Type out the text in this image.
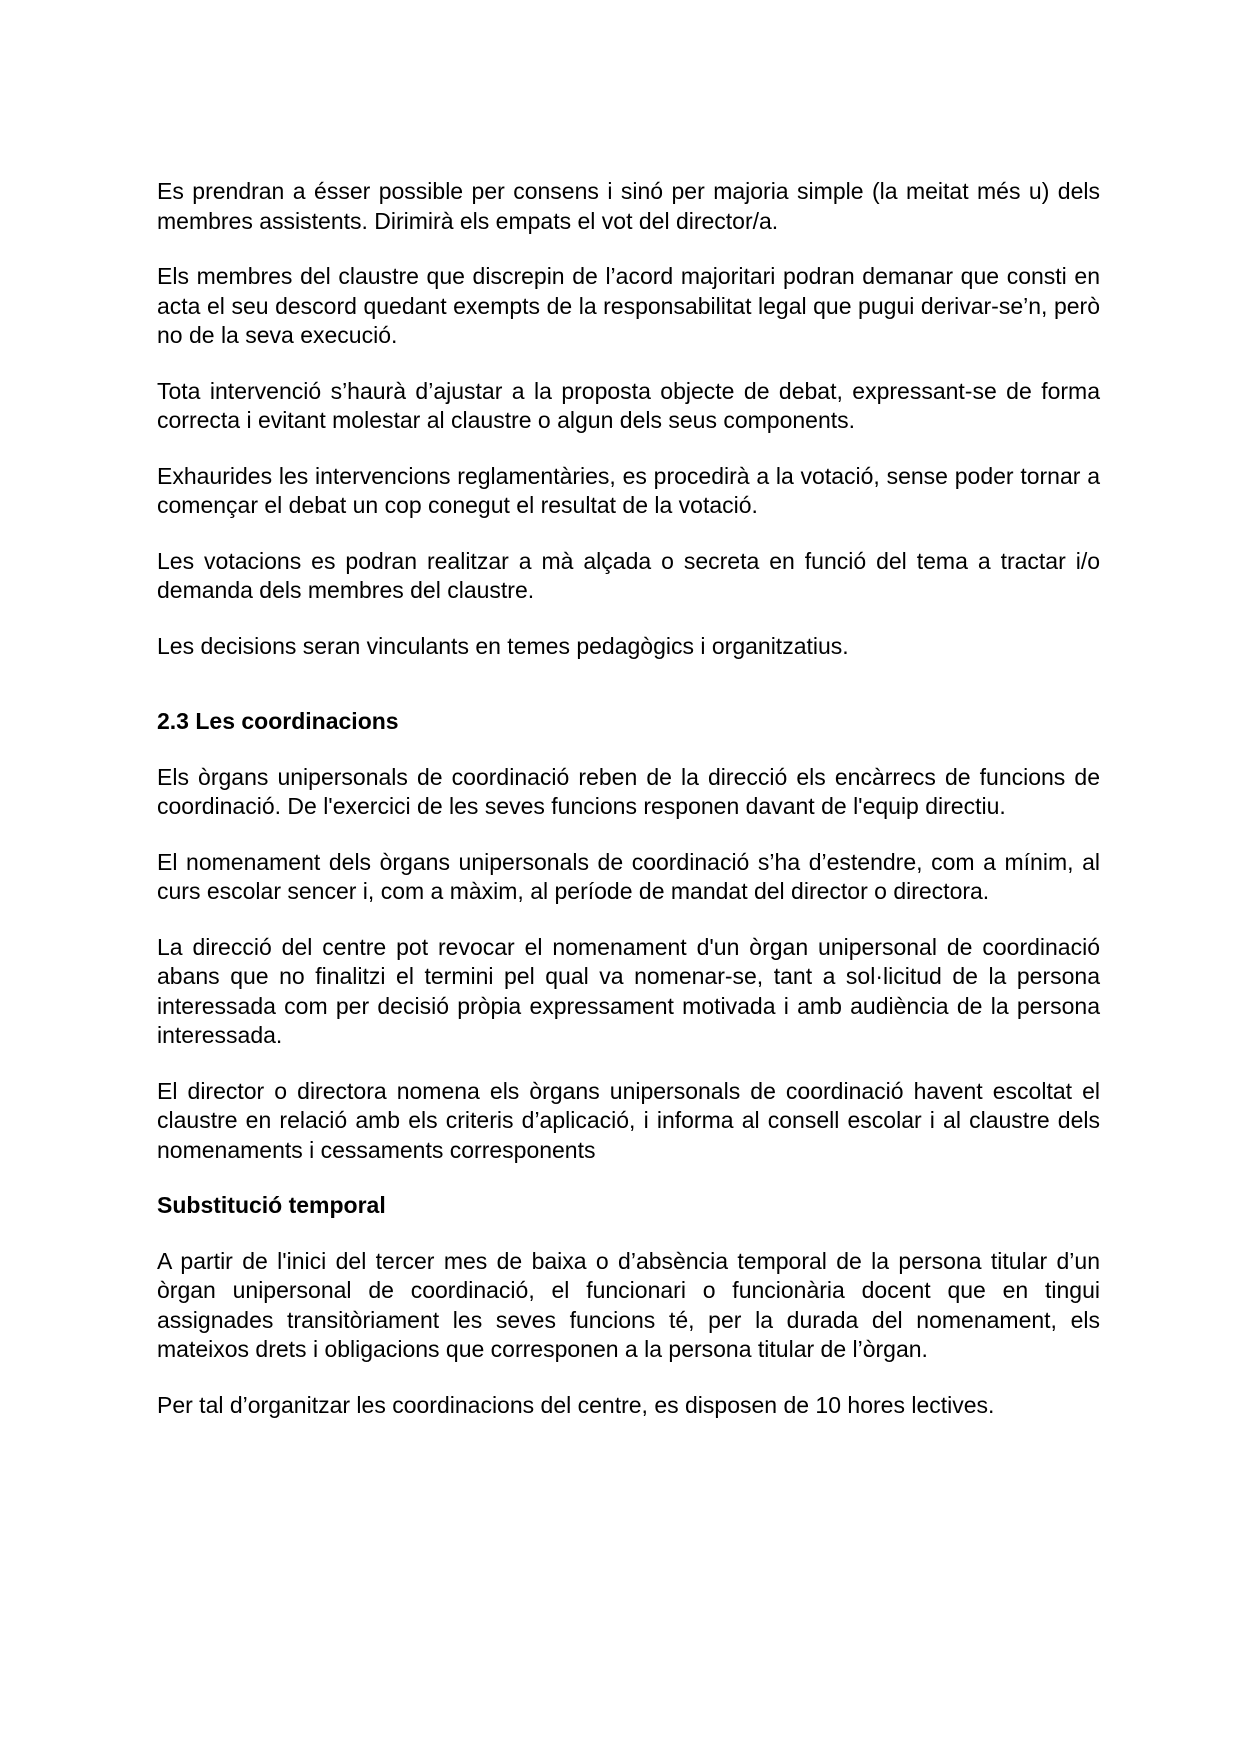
Es prendran a ésser possible per consens i sinó per majoria simple (la meitat més u) dels membres assistents. Dirimirà els empats el vot del director/a.

Els membres del claustre que discrepin de l’acord majoritari podran demanar que consti en acta el seu descord quedant exempts de la responsabilitat legal que pugui derivar-se’n, però no de la seva execució.

Tota intervenció s’haurà d’ajustar a la proposta objecte de debat, expressant-se de forma correcta i evitant molestar al claustre o algun dels seus components.

Exhaurides les intervencions reglamentàries, es procedirà a la votació, sense poder tornar a començar el debat un cop conegut el resultat de la votació.

Les votacions es podran realitzar a mà alçada o secreta en funció del tema a tractar i/o demanda dels membres del claustre.

Les decisions seran vinculants en temes pedagògics i organitzatius.

2.3 Les coordinacions

Els òrgans unipersonals de coordinació reben de la direcció els encàrrecs de funcions de coordinació. De l'exercici de les seves funcions responen davant de l'equip directiu.

El nomenament dels òrgans unipersonals de coordinació s’ha d’estendre, com a mínim, al curs escolar sencer i, com a màxim, al període de mandat del director o directora.

La direcció del centre pot revocar el nomenament d'un òrgan unipersonal de coordinació abans que no finalitzi el termini pel qual va nomenar-se, tant a sol·licitud de la persona interessada com per decisió pròpia expressament motivada i amb audiència de la persona interessada.

El director o directora nomena els òrgans unipersonals de coordinació havent escoltat el claustre en relació amb els criteris d’aplicació, i informa al consell escolar i al claustre dels nomenaments i cessaments corresponents

Substitució temporal

A partir de l'inici del tercer mes de baixa o d’absència temporal de la persona titular d’un òrgan unipersonal de coordinació, el funcionari o funcionària docent que en tingui assignades transitòriament les seves funcions té, per la durada del nomenament, els mateixos drets i obligacions que corresponen a la persona titular de l’òrgan.

Per tal d’organitzar les coordinacions del centre, es disposen de 10 hores lectives.
